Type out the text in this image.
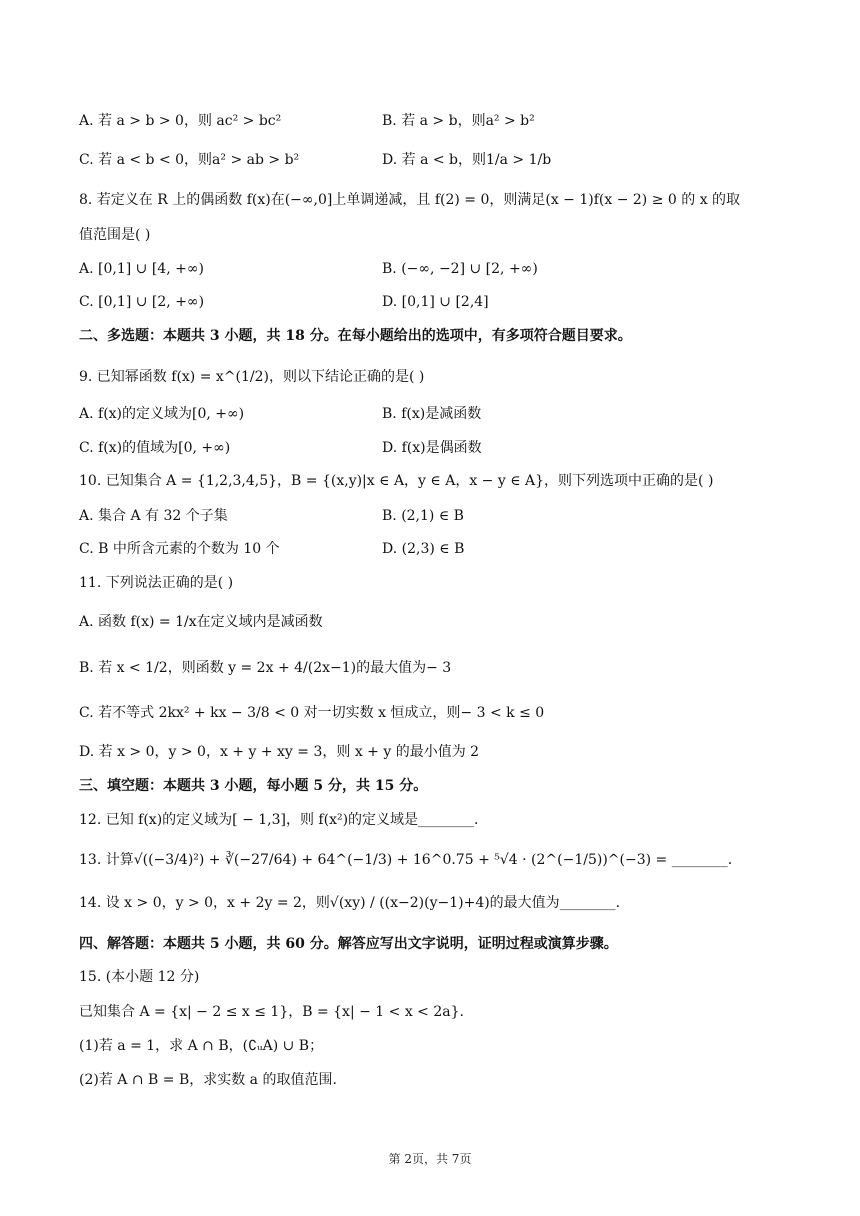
A. 若 a > b > 0，则 ac² > bc²	B. 若 a > b，则a² > b²
C. 若 a < b < 0，则a² > ab > b²	D. 若 a < b，则1/a > 1/b
8. 若定义在 R 上的偶函数 f(x)在(−∞,0]上单调递减，且 f(2) = 0，则满足(x − 1)f(x − 2) ≥ 0 的 x 的取
值范围是( )
A. [0,1] ∪ [4, +∞)	B. (−∞, −2] ∪ [2, +∞)
C. [0,1] ∪ [2, +∞)	D. [0,1] ∪ [2,4]
二、多选题：本题共 3 小题，共 18 分。在每小题给出的选项中，有多项符合题目要求。
9. 已知幂函数 f(x) = x^(1/2)，则以下结论正确的是( )
A. f(x)的定义域为[0, +∞)	B. f(x)是减函数
C. f(x)的值域为[0, +∞)	D. f(x)是偶函数
10. 已知集合 A = {1,2,3,4,5}，B = {(x,y)|x ∈ A，y ∈ A，x − y ∈ A}，则下列选项中正确的是( )
A. 集合 A 有 32 个子集	B. (2,1) ∈ B
C. B 中所含元素的个数为 10 个	D. (2,3) ∈ B
11. 下列说法正确的是( )
A. 函数 f(x) = 1/x在定义域内是减函数
B. 若 x < 1/2，则函数 y = 2x + 4/(2x−1)的最大值为− 3
C. 若不等式 2kx² + kx − 3/8 < 0 对一切实数 x 恒成立，则− 3 < k ≤ 0
D. 若 x > 0，y > 0，x + y + xy = 3，则 x + y 的最小值为 2
三、填空题：本题共 3 小题，每小题 5 分，共 15 分。
12. 已知 f(x)的定义域为[ − 1,3]，则 f(x²)的定义域是________.
13. 计算√((−3/4)²) + ∛(−27/64) + 64^(−1/3) + 16^0.75 + ⁵√4 · (2^(−1/5))^(−3) = ________.
14. 设 x > 0，y > 0，x + 2y = 2，则√(xy) / ((x−2)(y−1)+4)的最大值为________.
四、解答题：本题共 5 小题，共 60 分。解答应写出文字说明，证明过程或演算步骤。
15. (本小题 12 分)
已知集合 A = {x| − 2 ≤ x ≤ 1}，B = {x| − 1 < x < 2a}.
(1)若 a = 1，求 A ∩ B，(∁ᵤA) ∪ B；
(2)若 A ∩ B = B，求实数 a 的取值范围.
第 2页，共 7页
